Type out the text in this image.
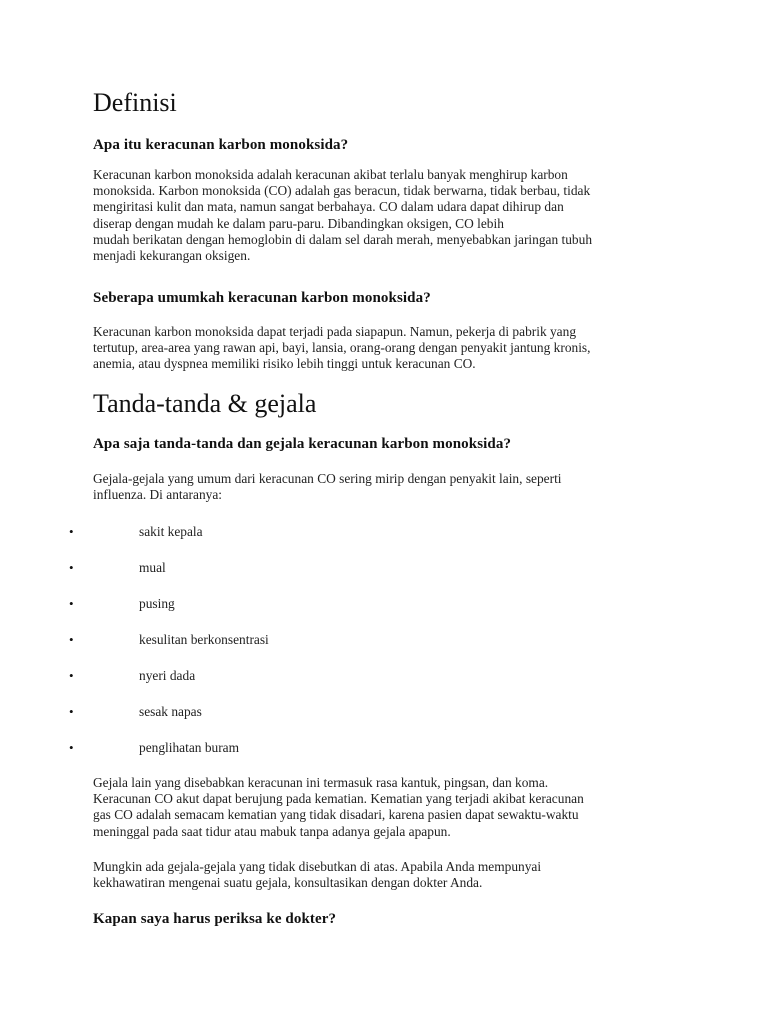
Definisi
Apa itu keracunan karbon monoksida?
Keracunan karbon monoksida adalah keracunan akibat terlalu banyak menghirup karbon
monoksida. Karbon monoksida (CO) adalah gas beracun, tidak berwarna, tidak berbau, tidak
mengiritasi kulit dan mata, namun sangat berbahaya. CO dalam udara dapat dihirup dan
diserap dengan mudah ke dalam paru-paru. Dibandingkan oksigen, CO lebih
mudah berikatan dengan hemoglobin di dalam sel darah merah, menyebabkan jaringan tubuh
menjadi kekurangan oksigen.
Seberapa umumkah keracunan karbon monoksida?
Keracunan karbon monoksida dapat terjadi pada siapapun. Namun, pekerja di pabrik yang
tertutup, area-area yang rawan api, bayi, lansia, orang-orang dengan penyakit jantung kronis,
anemia, atau dyspnea memiliki risiko lebih tinggi untuk keracunan CO.
Tanda-tanda & gejala
Apa saja tanda-tanda dan gejala keracunan karbon monoksida?
Gejala-gejala yang umum dari keracunan CO sering mirip dengan penyakit lain, seperti
influenza. Di antaranya:
•	sakit kepala
•	mual
•	pusing
•	kesulitan berkonsentrasi
•	nyeri dada
•	sesak napas
•	penglihatan buram
Gejala lain yang disebabkan keracunan ini termasuk rasa kantuk, pingsan, dan koma.
Keracunan CO akut dapat berujung pada kematian. Kematian yang terjadi akibat keracunan
gas CO adalah semacam kematian yang tidak disadari, karena pasien dapat sewaktu-waktu
meninggal pada saat tidur atau mabuk tanpa adanya gejala apapun.
Mungkin ada gejala-gejala yang tidak disebutkan di atas. Apabila Anda mempunyai
kekhawatiran mengenai suatu gejala, konsultasikan dengan dokter Anda.
Kapan saya harus periksa ke dokter?
